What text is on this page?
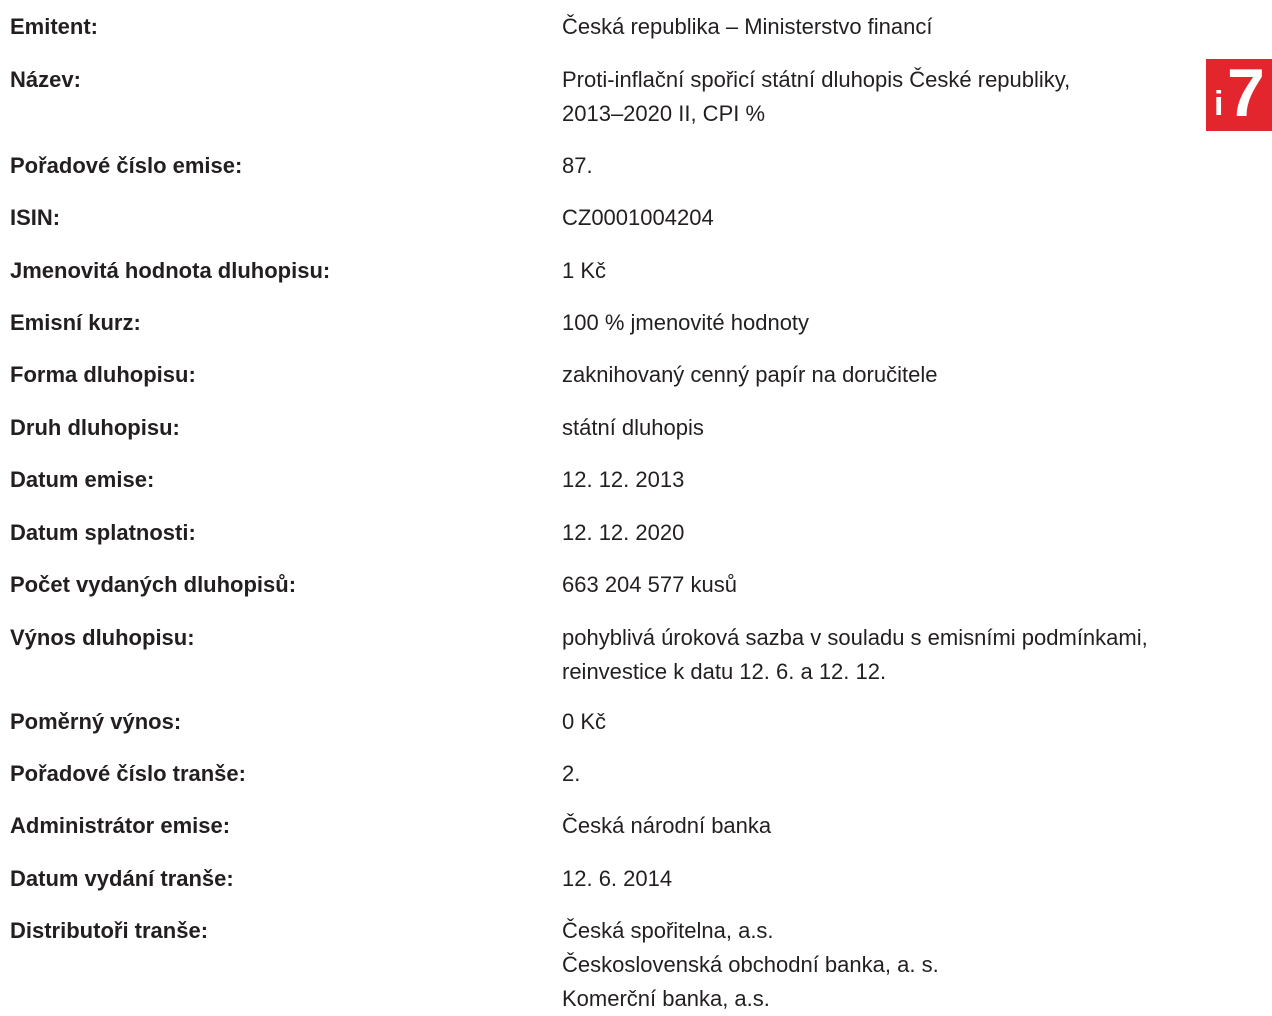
Emitent:	Česká republika – Ministerstvo financí
Název:	Proti-inflační spořicí státní dluhopis České republiky,
2013–2020 II, CPI %
Pořadové číslo emise:	87.
ISIN:	CZ0001004204
Jmenovitá hodnota dluhopisu:	1 Kč
Emisní kurz:	100 % jmenovité hodnoty
Forma dluhopisu:	zaknihovaný cenný papír na doručitele
Druh dluhopisu:	státní dluhopis
Datum emise:	12. 12. 2013
Datum splatnosti:	12. 12. 2020
Počet vydaných dluhopisů:	663 204 577 kusů
Výnos dluhopisu:	pohyblivá úroková sazba v souladu s emisními podmínkami,
reinvestice k datu 12. 6. a 12. 12.
Poměrný výnos:	0 Kč
Pořadové číslo tranše:	2.
Administrátor emise:	Česká národní banka
Datum vydání tranše:	12. 6. 2014
Distributoři tranše:	Česká spořitelna, a.s.
Československá obchodní banka, a. s.
Komerční banka, a.s.
i 7
